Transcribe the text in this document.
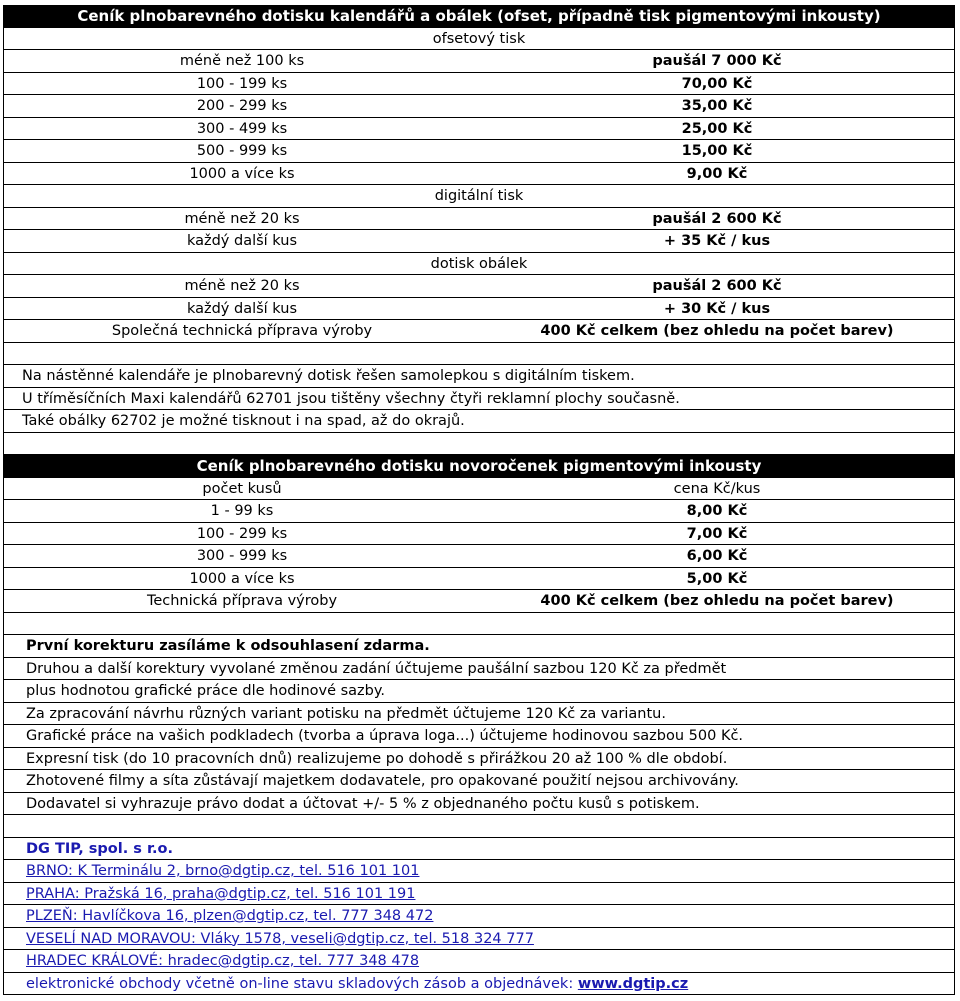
Ceník plnobarevného dotisku kalendářů a obálek (ofset, případně tisk pigmentovými inkousty)
ofsetový tisk
méně než 100 ks	paušál 7 000 Kč
100 - 199 ks	70,00 Kč
200 - 299 ks	35,00 Kč
300 - 499 ks	25,00 Kč
500 - 999 ks	15,00 Kč
1000 a více ks	9,00 Kč
digitální tisk
méně než 20 ks	paušál 2 600 Kč
každý další kus	+ 35 Kč / kus
dotisk obálek
méně než 20 ks	paušál 2 600 Kč
každý další kus	+ 30 Kč / kus
Společná technická příprava výroby	400 Kč celkem (bez ohledu na počet barev)
Na nástěnné kalendáře je plnobarevný dotisk řešen samolepkou s digitálním tiskem.
U tříměsíčních Maxi kalendářů 62701 jsou tištěny všechny čtyři reklamní plochy současně.
Také obálky 62702 je možné tisknout i na spad, až do okrajů.
Ceník plnobarevného dotisku novoročenek pigmentovými inkousty
počet kusů	cena Kč/kus
1 - 99 ks	8,00 Kč
100 - 299 ks	7,00 Kč
300 - 999 ks	6,00 Kč
1000 a více ks	5,00 Kč
Technická příprava výroby	400 Kč celkem (bez ohledu na počet barev)
První korekturu zasíláme k odsouhlasení zdarma.
Druhou a další korektury vyvolané změnou zadání účtujeme paušální sazbou 120 Kč za předmět
plus hodnotou grafické práce dle hodinové sazby.
Za zpracování návrhu různých variant potisku na předmět účtujeme 120 Kč za variantu.
Grafické práce na vašich podkladech (tvorba a úprava loga...) účtujeme hodinovou sazbou 500 Kč.
Expresní tisk (do 10 pracovních dnů) realizujeme po dohodě s přirážkou 20 až 100 % dle období.
Zhotovené filmy a síta zůstávají majetkem dodavatele, pro opakované použití nejsou archivovány.
Dodavatel si vyhrazuje právo dodat a účtovat +/- 5 % z objednaného počtu kusů s potiskem.
DG TIP, spol. s r.o.
BRNO: K Terminálu 2, brno@dgtip.cz, tel. 516 101 101
PRAHA: Pražská 16, praha@dgtip.cz, tel. 516 101 191
PLZEŇ: Havlíčkova 16, plzen@dgtip.cz, tel. 777 348 472
VESELÍ NAD MORAVOU: Vláky 1578, veseli@dgtip.cz, tel. 518 324 777
HRADEC KRÁLOVÉ: hradec@dgtip.cz, tel. 777 348 478
elektronické obchody včetně on-line stavu skladových zásob a objednávek: www.dgtip.cz
